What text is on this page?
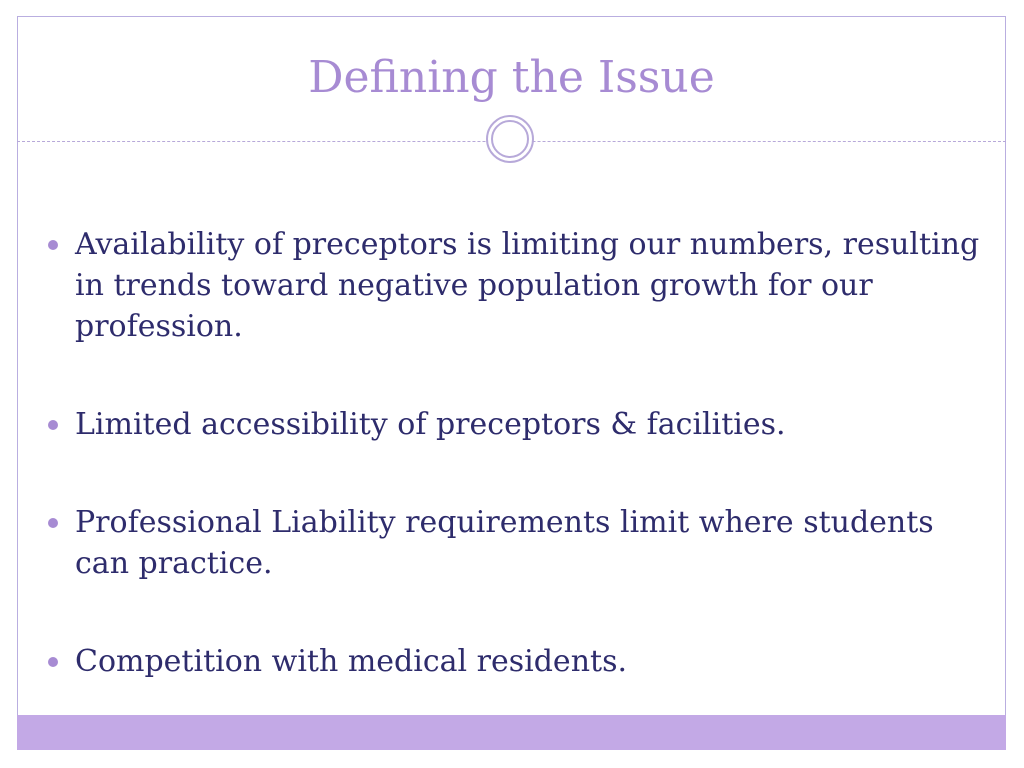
Defining the Issue
Availability of preceptors is limiting our numbers, resulting in trends toward negative population growth for our profession.
Limited accessibility of preceptors & facilities.
Professional Liability requirements limit where students can practice.
Competition with medical residents.
